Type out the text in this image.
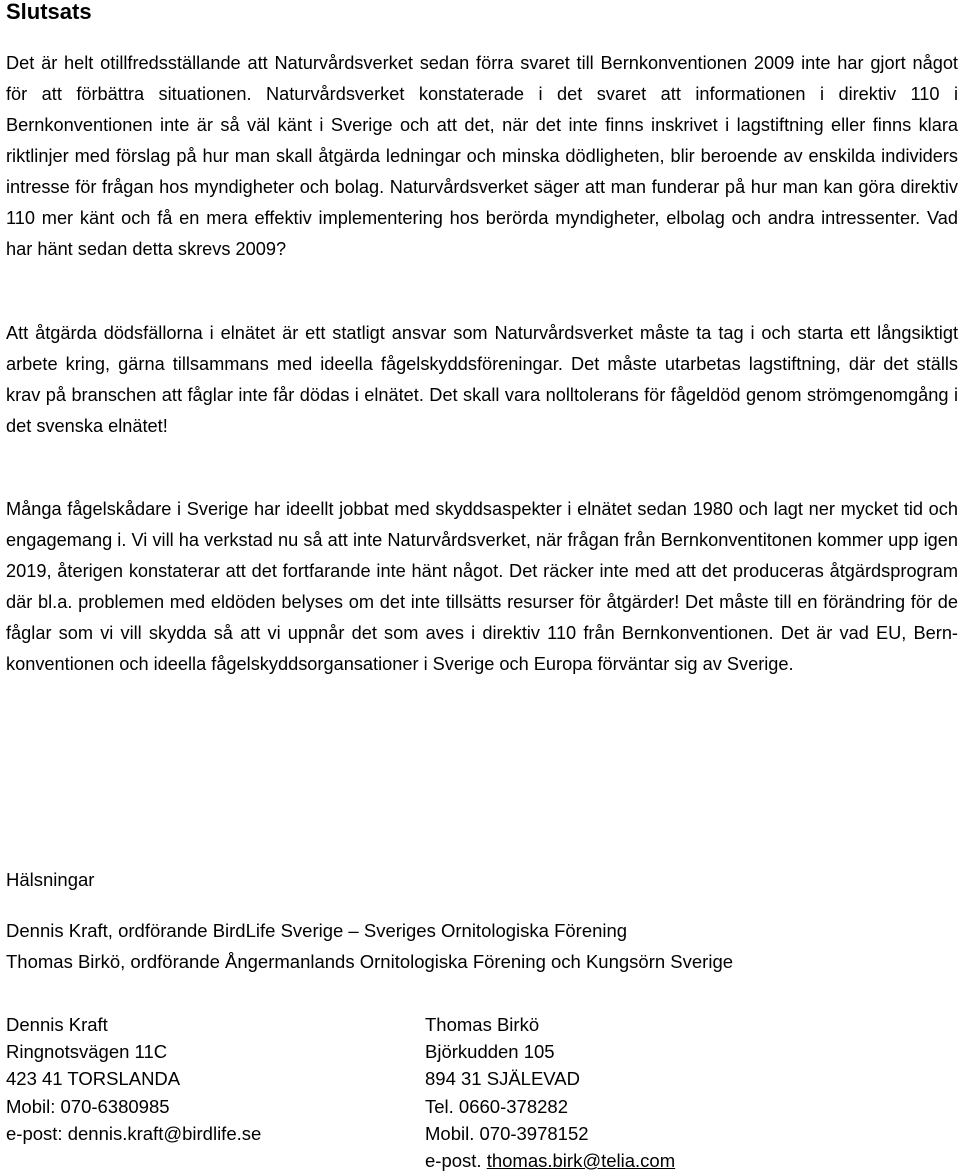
Slutsats

Det är helt otillfredsställande att Naturvårdsverket sedan förra svaret till Bernkonventionen 2009 inte har gjort något för att förbättra situationen. Naturvårdsverket konstaterade i det svaret att informationen i direktiv 110 i Bernkonventionen inte är så väl känt i Sverige och att det, när det inte finns inskrivet i lagstiftning eller finns klara riktlinjer med förslag på hur man skall åtgärda ledningar och minska dödligheten, blir beroende av enskilda individers intresse för frågan hos myndigheter och bolag. Naturvårdsverket säger att man funderar på hur man kan göra direktiv 110 mer känt och få en mera effektiv implementering hos berörda myndigheter, elbolag och andra intressenter. Vad har hänt sedan detta skrevs 2009?

Att åtgärda dödsfällorna i elnätet är ett statligt ansvar som Naturvårdsverket måste ta tag i och starta ett långsiktigt arbete kring, gärna tillsammans med ideella fågelskyddsföreningar. Det måste utarbetas lagstiftning, där det ställs krav på branschen att fåglar inte får dödas i elnätet. Det skall vara nolltolerans för fågeldöd genom strömgenomgång i det svenska elnätet!

Många fågelskådare i Sverige har ideellt jobbat med skyddsaspekter i elnätet sedan 1980 och lagt ner mycket tid och engagemang i. Vi vill ha verkstad nu så att inte Naturvårdsverket, när frågan från Bernkonventitonen kommer upp igen 2019, återigen konstaterar att det fortfarande inte hänt något. Det räcker inte med att det produceras åtgärdsprogram där bl.a. problemen med eldöden belyses om det inte tillsätts resurser för åtgärder! Det måste till en förändring för de fåglar som vi vill skydda så att vi uppnår det som aves i direktiv 110 från Bernkonventionen. Det är vad EU, Bern-konventionen och ideella fågelskyddsorgansationer i Sverige och Europa förväntar sig av Sverige.

Hälsningar

Dennis Kraft, ordförande BirdLife Sverige – Sveriges Ornitologiska Förening

Thomas Birkö, ordförande Ångermanlands Ornitologiska Förening och Kungsörn Sverige

Dennis Kraft
Ringnotsvägen 11C
423 41 TORSLANDA
Mobil: 070-6380985
e-post: dennis.kraft@birdlife.se
Thomas Birkö
Björkudden 105
894 31 SJÄLEVAD
Tel. 0660-378282
Mobil. 070-3978152
e-post. thomas.birk@telia.com
